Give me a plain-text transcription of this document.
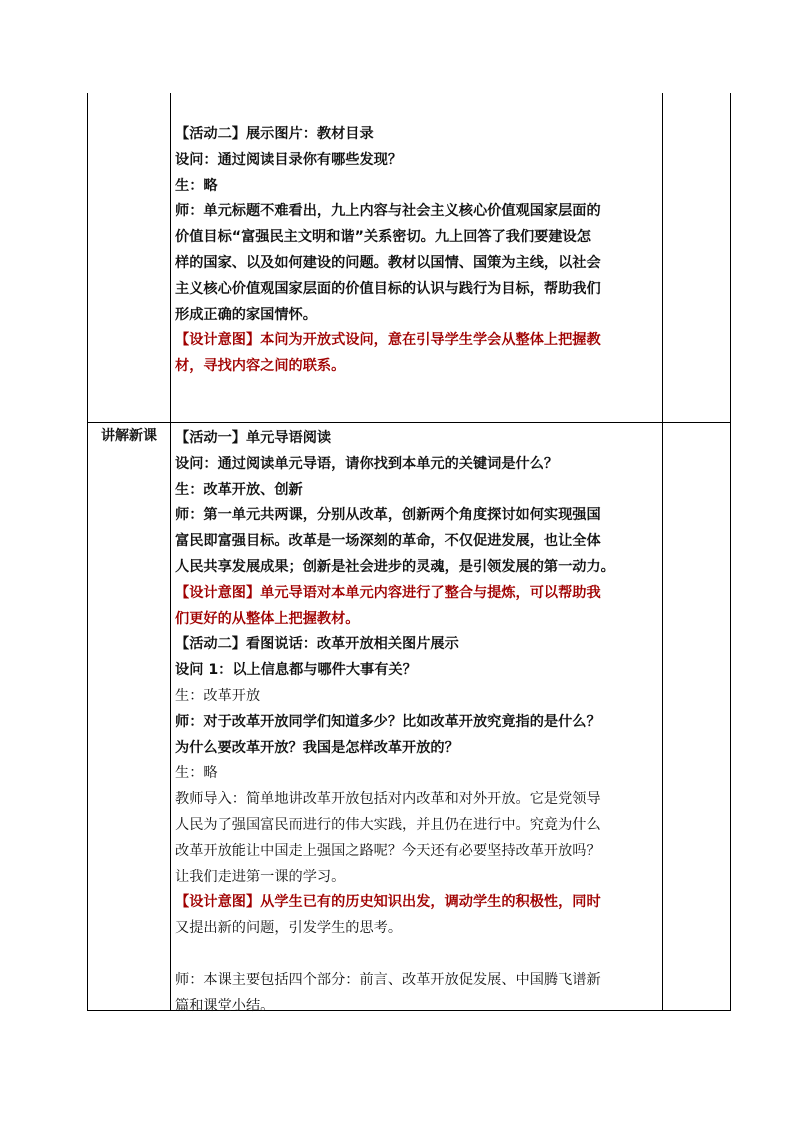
讲解新课
【活动二】展示图片：教材目录
设问：通过阅读目录你有哪些发现？
生：略
师：单元标题不难看出，九上内容与社会主义核心价值观国家层面的
价值目标“富强民主文明和谐”关系密切。九上回答了我们要建设怎
样的国家、以及如何建设的问题。教材以国情、国策为主线，以社会
主义核心价值观国家层面的价值目标的认识与践行为目标，帮助我们
形成正确的家国情怀。
【设计意图】本问为开放式设问，意在引导学生学会从整体上把握教
材，寻找内容之间的联系。
【活动一】单元导语阅读
设问：通过阅读单元导语，请你找到本单元的关键词是什么？
生：改革开放、创新
师：第一单元共两课，分别从改革，创新两个角度探讨如何实现强国
富民即富强目标。改革是一场深刻的革命，不仅促进发展，也让全体
人民共享发展成果；创新是社会进步的灵魂，是引领发展的第一动力。
【设计意图】单元导语对本单元内容进行了整合与提炼，可以帮助我
们更好的从整体上把握教材。
【活动二】看图说话：改革开放相关图片展示
设问 1：以上信息都与哪件大事有关？
生：改革开放
师：对于改革开放同学们知道多少？比如改革开放究竟指的是什么？
为什么要改革开放？我国是怎样改革开放的？
生：略
教师导入：简单地讲改革开放包括对内改革和对外开放。它是党领导
人民为了强国富民而进行的伟大实践，并且仍在进行中。究竟为什么
改革开放能让中国走上强国之路呢？今天还有必要坚持改革开放吗？
让我们走进第一课的学习。
【设计意图】从学生已有的历史知识出发，调动学生的积极性，同时
又提出新的问题，引发学生的思考。
师：本课主要包括四个部分：前言、改革开放促发展、中国腾飞谱新
篇和课堂小结。
